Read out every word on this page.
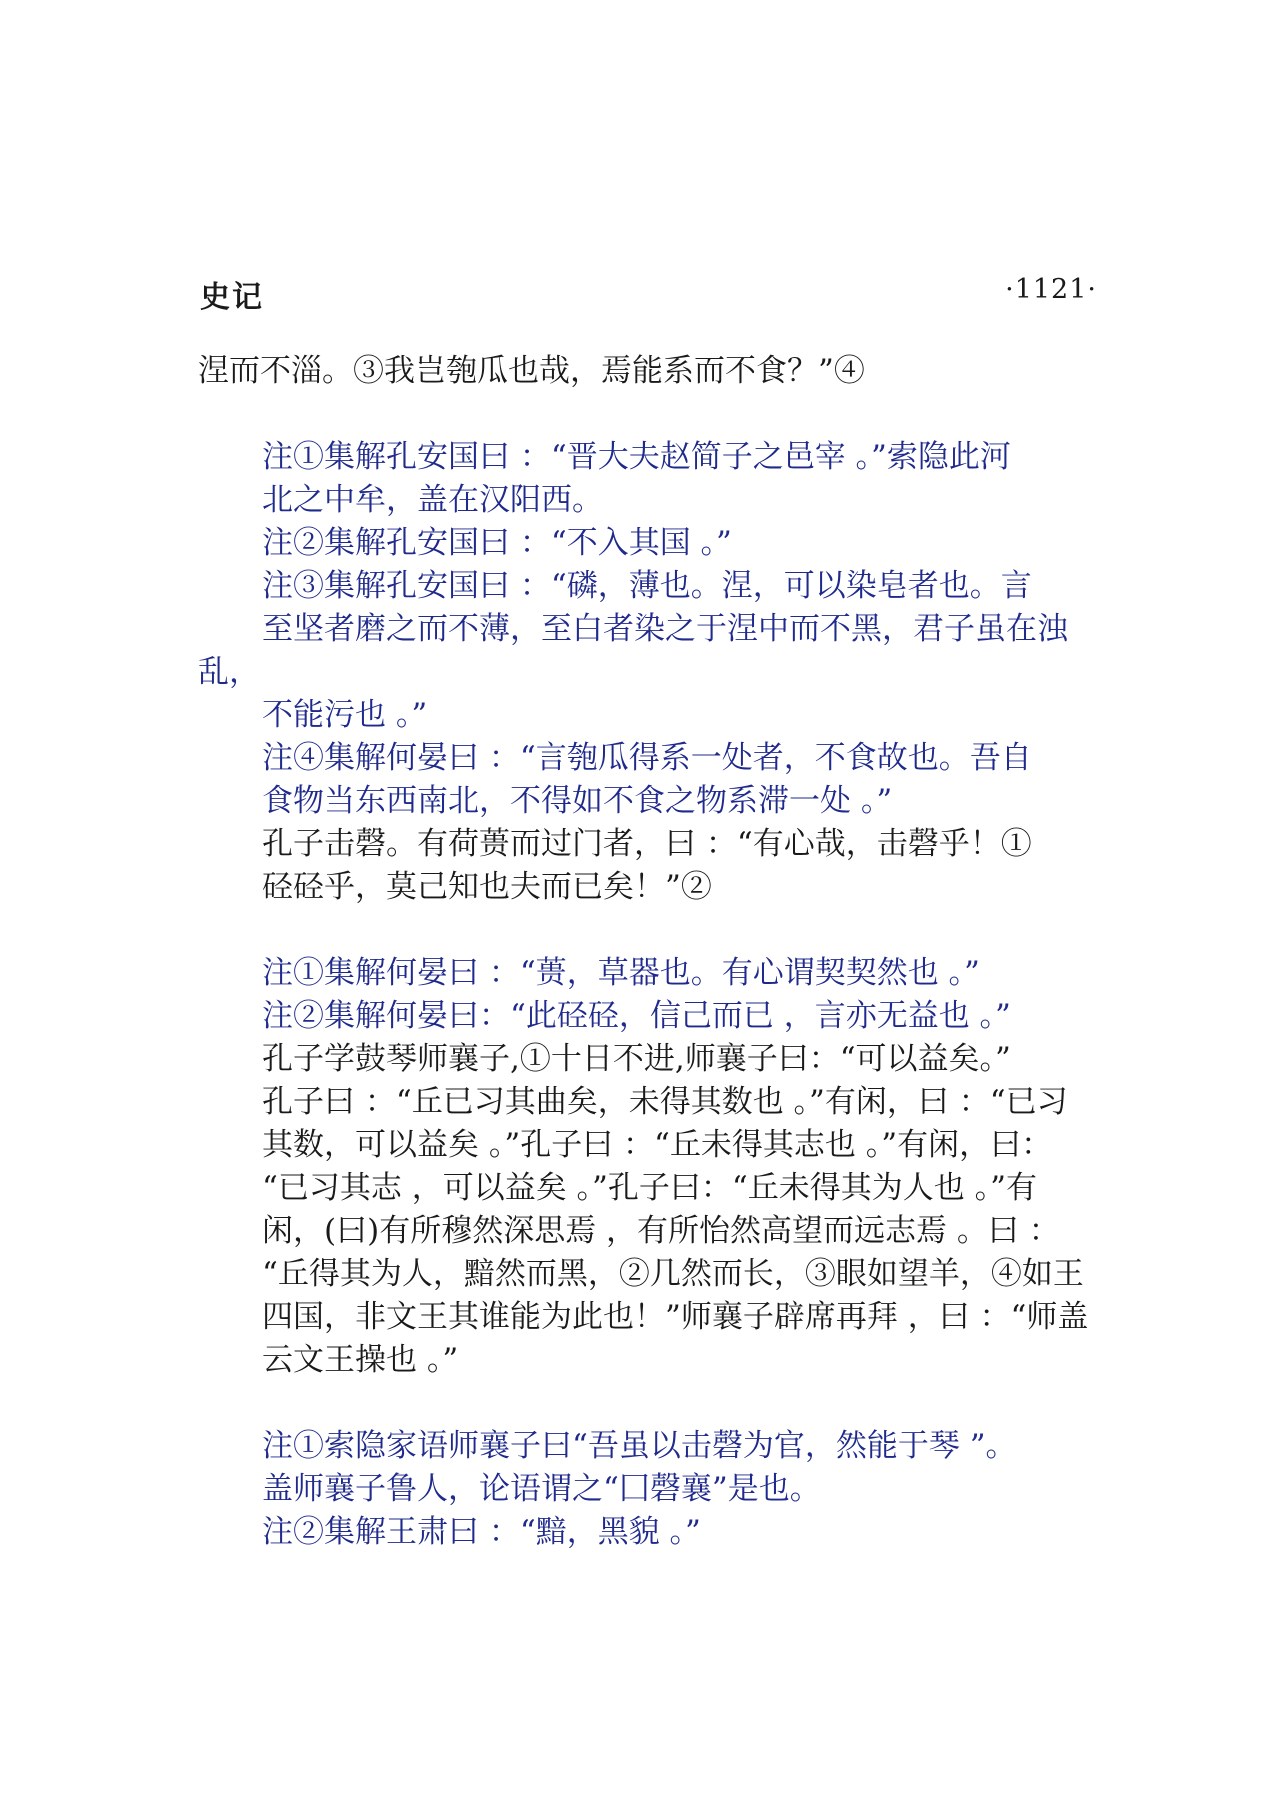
史记	·1121·

涅而不淄。③我岂匏瓜也哉，焉能系而不食？”④

注①集解孔安国曰 ：“晋大夫赵简子之邑宰 。”索隐此河
北之中牟，盖在汉阳西。

注②集解孔安国曰 ：“不入其国 。”

注③集解孔安国曰 ：“磷，薄也。涅，可以染皂者也。言
至坚者磨之而不薄，至白者染之于涅中而不黑，君子虽在浊乱，
不能污也 。”

注④集解何晏曰 ：“言匏瓜得系一处者，不食故也。吾自
食物当东西南北，不得如不食之物系滞一处 。”

孔子击磬。有荷蒉而过门者，曰 ：“有心哉，击磬乎！①
硁硁乎，莫己知也夫而已矣！”②

注①集解何晏曰 ：“蒉，草器也。有心谓契契然也 。”

注②集解何晏曰：“此硁硁，信己而已 ，言亦无益也 。”

孔子学鼓琴师襄子,①十日不进,师襄子曰：“可以益矣。”
孔子曰 ：“丘已习其曲矣，未得其数也 。”有闲，曰 ：“已习
其数，可以益矣 。”孔子曰 ：“丘未得其志也 。”有闲，曰：
“已习其志 ，可以益矣 。”孔子曰：“丘未得其为人也 。”有
闲，(曰)有所穆然深思焉 ，有所怡然高望而远志焉 。曰 ：
“丘得其为人，黯然而黑，②几然而长，③眼如望羊，④如王
四国，非文王其谁能为此也！”师襄子辟席再拜 ，曰 ：“师盖
云文王操也 。”

注①索隐家语师襄子曰“吾虽以击磬为官，然能于琴 ”。
盖师襄子鲁人，论语谓之“囗磬襄”是也。

注②集解王肃曰 ：“黯，黑貌 。”
